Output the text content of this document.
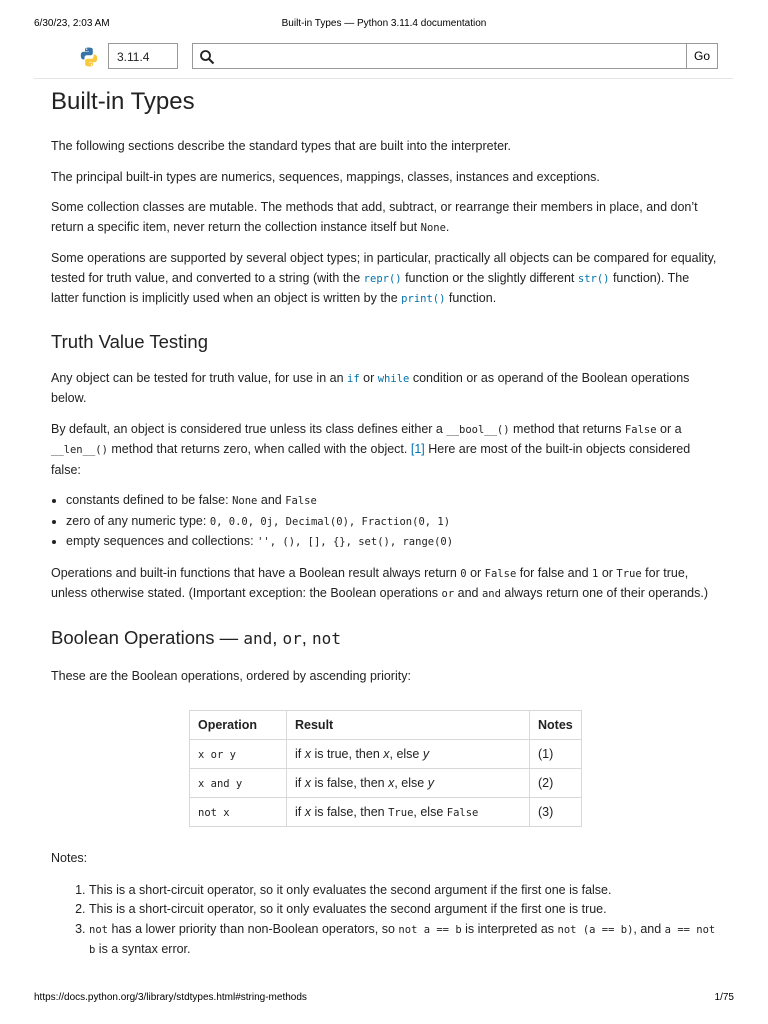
6/30/23, 2:03 AM	Built-in Types — Python 3.11.4 documentation
3.11.4	Go
Built-in Types

The following sections describe the standard types that are built into the interpreter.

The principal built-in types are numerics, sequences, mappings, classes, instances and exceptions.

Some collection classes are mutable. The methods that add, subtract, or rearrange their members in place, and don’t return a specific item, never return the collection instance itself but None.

Some operations are supported by several object types; in particular, practically all objects can be compared for equality, tested for truth value, and converted to a string (with the repr() function or the slightly different str() function). The latter function is implicitly used when an object is written by the print() function.

Truth Value Testing

Any object can be tested for truth value, for use in an if or while condition or as operand of the Boolean operations below.

By default, an object is considered true unless its class defines either a __bool__() method that returns False or a __len__() method that returns zero, when called with the object. [1] Here are most of the built-in objects considered false:

• constants defined to be false: None and False
• zero of any numeric type: 0, 0.0, 0j, Decimal(0), Fraction(0, 1)
• empty sequences and collections: '', (), [], {}, set(), range(0)

Operations and built-in functions that have a Boolean result always return 0 or False for false and 1 or True for true, unless otherwise stated. (Important exception: the Boolean operations or and and always return one of their operands.)

Boolean Operations — and, or, not

These are the Boolean operations, ordered by ascending priority:

Operation	Result	Notes
x or y	if x is true, then x, else y	(1)
x and y	if x is false, then x, else y	(2)
not x	if x is false, then True, else False	(3)

Notes:

1. This is a short-circuit operator, so it only evaluates the second argument if the first one is false.
2. This is a short-circuit operator, so it only evaluates the second argument if the first one is true.
3. not has a lower priority than non-Boolean operators, so not a == b is interpreted as not (a == b), and a == not b is a syntax error.
https://docs.python.org/3/library/stdtypes.html#string-methods	1/75
